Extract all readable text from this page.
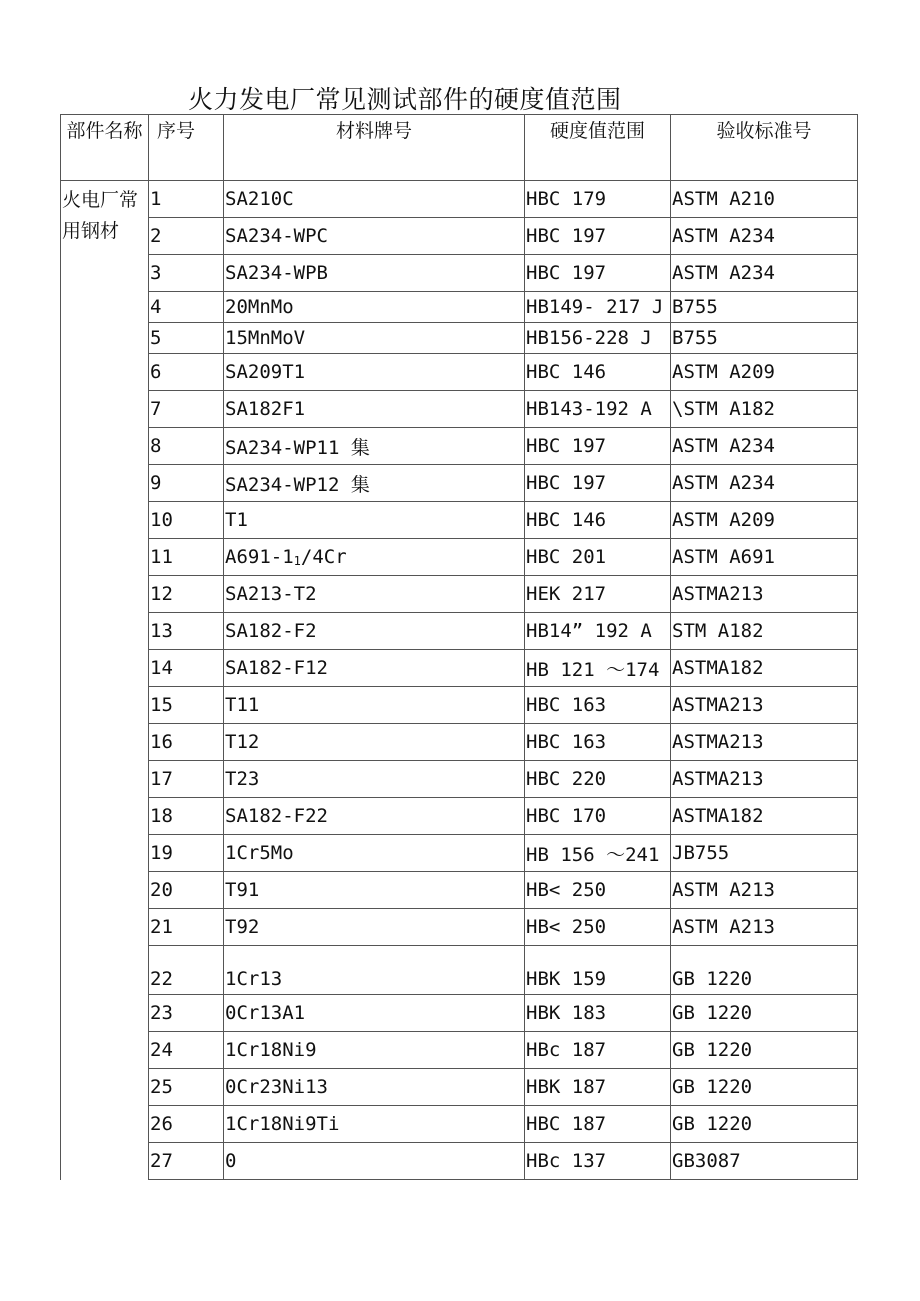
火力发电厂常见测试部件的硬度值范围
部件名称	序号	材料牌号	硬度值范围	验收标准号
火电厂常用钢材	1	SA210C	HBC 179	ASTM A210
	2	SA234-WPC	HBC 197	ASTM A234
	3	SA234-WPB	HBC 197	ASTM A234
	4	20MnMo	HB149- 217 J	B755
	5	15MnMoV	HB156-228 J	B755
	6	SA209T1	HBC 146	ASTM A209
	7	SA182F1	HB143-192 A	\STM A182
	8	SA234-WP11 集	HBC 197	ASTM A234
	9	SA234-WP12 集	HBC 197	ASTM A234
	10	T1	HBC 146	ASTM A209
	11	A691-11/4Cr	HBC 201	ASTM A691
	12	SA213-T2	HEK 217	ASTMA213
	13	SA182-F2	HB14” 192 A	STM A182
	14	SA182-F12	HB 121 ～174	ASTMA182
	15	T11	HBC 163	ASTMA213
	16	T12	HBC 163	ASTMA213
	17	T23	HBC 220	ASTMA213
	18	SA182-F22	HBC 170	ASTMA182
	19	1Cr5Mo	HB 156 ～241	JB755
	20	T91	HB< 250	ASTM A213
	21	T92	HB< 250	ASTM A213
	22	1Cr13	HBK 159	GB 1220
	23	0Cr13A1	HBK 183	GB 1220
	24	1Cr18Ni9	HBc 187	GB 1220
	25	0Cr23Ni13	HBK 187	GB 1220
	26	1Cr18Ni9Ti	HBC 187	GB 1220
	27	0	HBc 137	GB3087
